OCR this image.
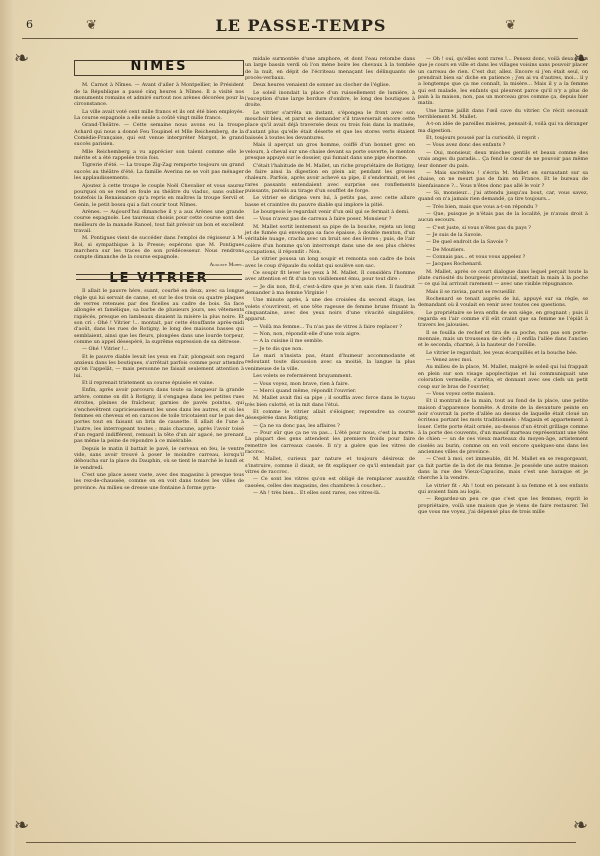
6	❦	LE PASSE-TEMPS	❦
❧	❧
❧	❧
NIMES

M. Carnot à Nîmes. — Avant d'aller à Montpellier, le Président de la République a passé cinq heures à Nîmes. Il a visité nos monuments romains et admiré surtout nos arènes décorées pour la circonstance.

La ville avait voté cent mille francs et ils ont été bien employés. La course espagnole a elle seule a coûté vingt mille francs.

Grand-Théâtre. — Cette semaine nous avons eu la troupe Achard qui nous a donné Feu Toupinel et Mlle Reichemberg, de la Comédie-Française, qui est venue interpréter Margot, le grand succès parisien.

Mlle Reichemberg a vu apprécier son talent comme elle le mérite et a été rappelée trois fois.

Tigrerie d'été. — La troupe Zig-Zag remporte toujours un grand succès au théâtre d'été. La famille Averina ne se voit pas ménager les applaudissements.

Ajoutez à cette troupe le couple Noël Chevalier et vous saurez pourquoi on se rend en foule au théâtre du viaduc, sans oublier toutefois la Renaissance qu'a repris en maîtres la troupe Servil et Genin, le petit bossu qui a fait courir tout Nîmes.

Arènes. — Aujourd'hui dimanche il y a aux Arènes une grande course espagnole. Les taureaux choisis pour cette course sont des meilleurs de la manade Ranoel, tout fait prévoir un bon et excellent travail.

M. Pontigues vient de succéder dans l'emploi de régisseur à M. Rol, si sympathique à la Presse; espérons que M. Pontigues marchera sur les traces de son prédécesseur. Nous rendrons compte dimanche de la course espagnole.

Auguste Morel.

LE VITRIER

Il allait le pauvre hère, suant, courbé en deux, avec sa longue règle qui lui servait de canne, et sur le dos trois ou quatre plaques de verres retenues par des ficelles au cadre de bois. Sa face allongée et famélique, sa barbe de plusieurs jours, ses vêtements rapiécés, presque en lambeaux disaient la misère la plus noire. Et son cri : Ohé ! Vitrier !... montait, par cette étouffante après-midi d'août, dans les rues de Rotigny, le long des maisons basses qui semblaient, ainsi que les fleurs, plongées dans une lourde torpeur, comme un appel désespéré, la suprême expression de sa détresse.

— Ohé ! Vitrier !...

Et le pauvre diable levait les yeux en l'air, plongeait son regard anxieux dans les boutiques, s'arrêtait parfois comme pour attendre qu'on l'appelât, — mais personne ne faisait seulement attention à lui.

Et il reprenait tristement sa course épuisée et vaine.

Enfin, après avoir parcouru dans toute sa longueur la grande artère, comme on dit à Rotigny, il s'engagea dans les petites rues étroites, pleines de fraîcheur, garnies de pavés pointus, qui s'enchevêtrent capricieusement les unes dans les autres, et où les femmes en cheveux et en caracos de toile tricotaient sur le pas des portes tout en faisant un brin de causette. Il allait de l'une à l'autre, les interrogeant toutes ; mais chacune, après l'avoir toisé d'un regard indifférent, remuait la tête d'un air agacé, ne prenant pas même la peine de répondre à ce misérable.

Depuis le matin il battait le pavé, le cerveau en feu, le ventre vide, sans avoir trouvé à poser le moindre carreau, lorsqu'il déboucha sur la place du Dauphin, où se tient le marché le lundi et le vendredi.

C'est une place assez vaste, avec des magasins à presque tous les rez-de-chaussée, comme on en voit dans toutes les villes de province. Au milieu se dresse une fontaine à forme pyra-

midale surmontée d'une amphore, et dont l'eau retombe dans un large bassin verdi où l'on mène boire les chevaux à la tombée de la nuit, en dépit de l'écriteau menaçant les délinquants de procès-verbaux.

Deux heures venaient de sonner au clocher de l'église.

Le soleil inondait la place d'un ruissellement de lumière, à l'exception d'une large bordure d'ombre, le long des boutiques à droite.

Le vitrier s'arrêta un instant, s'épongea le front avec son mouchoir bleu, et parut se demander s'il traverserait encore cette place qu'il avait déjà traversée deux ou trois fois dans la matinée, d'autant plus qu'elle était déserte et que les stores verts étaient baissés à toutes les devantures.

Mais il aperçut un gros homme, coiffé d'un bonnet grec en velours, à cheval sur une chaise devant sa porte ouverte, le menton presque appuyé sur le dossier, qui fumait dans une pipe énorme.

C'était l'habitude de M. Mallet, un riche propriétaire de Rotigny, de faire ainsi la digestion en plein air, pendant les grosses chaleurs. Parfois, après avoir achevé sa pipe, il s'endormait, et les rares passants entendaient avec surprise ses ronflements puissants, pareils au tirage d'un soufflet de forge.

Le vitrier se dirigea vers lui, à petits pas, avec cette allure basse et craintive du pauvre diable qui implore la pitié.

Le bourgeois le regardait venir d'un œil qui se fermait à demi.

— Vous n'avez pas de carreau à faire poser, Monsieur ?

M. Mallet sortit lentement sa pipe de la bouche, rejeta un long jet de fumée qui enveloppa sa face épaisse, à double menton, d'un véritable nuage, cracha avec un bruit sec des lèvres ; puis, de l'air colère d'un homme qu'on interrompt dans une de ses plus chères occupations, il répondit : Non.

Le vitrier poussa un long soupir et remonta son cadre de bois avec le coup d'épaule du soldat qui soulève son sac.

Ce soupir fit lever les yeux à M. Mallet. Il considéra l'homme avec attention et fit d'un ton visiblement ému, pour tout dire :

— Je dis non, fit-il, c'est-à-dire que je n'en sais rien. Il faudrait demander à ma femme Virginie !

Une minute après, à une des croisées du second étage, les volets s'ouvrirent, et une tête rageuse de femme brune frisant la cinquantaine, avec des yeux noirs d'une vivacité singulière, apparut.

— Voilà ma femme... Tu n'as pas de vitres à faire replacer ?

— Non, non, répondit-elle d'une voix aigre.

— A la cuisine il me semble.

— Je te dis que non.

Le mari n'insista pas, étant d'humeur accommodante et redoutant toute discussion avec sa moitié, la langue la plus venimeuse de la ville.

Les volets se refermèrent bruyamment.

— Vous voyez, mon brave, rien à faire.

— Merci quand même, répondit l'ouvrier.

M. Mallet avait fini sa pipe ; il souffla avec force dans le tuyau très bien culotté, et la mit dans l'étui.

Et comme le vitrier allait s'éloigner, reprendre sa course désespérée dans Rotigny,

— Ça ne va donc pas, les affaires ?

— Pour sûr que ça ne va pas... L'été pour nous, c'est la morte. La plupart des gens attendent les premiers froids pour faire remettre les carreaux cassés. Il n'y a guère que les vitres de raccroc.

M. Mallet, curieux par nature et toujours désireux de s'instruire, comme il disait, se fit expliquer ce qu'il entendait par vitres de raccroc.

— Ce sont les vitres qu'on est obligé de remplacer aussitôt cassées, celles des magasins, des chambres à coucher...

— Ah ! très bien... Et elles sont rares, ces vitres-là.

— Oh ! oui, qu'elles sont rares !... Pensez donc, voilà deux jours que je cours en ville et dans les villages voisins sans pouvoir placer un carreau de rien. C'est dur, allez. Encore si j'en était seul, on prendrait bien sa' diche en patience ; j'en ai vu d'autres, moi... il y a longtemps que ça me connaît, la misère... Mais il y a la femme qui est malade, les enfants qui pleurent parce qu'il n'y a plus de pain à la maison, non, pas un morceau gros comme ça, depuis hier matin.

Une larme jaillit dans l'œil cave du vitrier. Ce récit secouait terriblement M. Mallet.

A-t-on idée de pareilles misères, pensait-il, voilà qui va déranger ma digestion.

Et, toujours poussé par la curiosité, il reprit :

— Vous avez donc des enfants ?

— Oui, monsieur, deux mioches gentils et beaux comme des vrais anges du paradis... Ça fend le cœur de ne pouvoir pas même leur donner du pain.

— Mais sacrebleu ! s'écria M. Mallet en sursautant sur sa chaise, on ne meurt pas de faim en France. Et le bureau de bienfaisance ?... Vous n'êtes donc pas allé le voir ?

— Si, monsieur... j'ai attendu jusqu'au bout, car, vous savez, quand on n'a jamais rien demandé, ça tire toujours...

— Très bien, mais que vous a-t-on répondu ?

— Que, puisque je n'étais pas de la localité, je n'avais droit à aucun secours.

— C'est juste, si vous n'êtes pas du pays ?

— Je suis de la Savoie.

— De quel endroit de la Savoie ?

— De Moutiers.

— Connais pas... et vous vous appelez ?

— Jacques Rochenard.

M. Mallet, après ce court dialogue dans lequel perçait toute la plate curiosité du bourgeois provincial, mettait la main à la poche — ce qui lui arrivait rarement — avec une visible répugnance.

Mais il se ravisa, parut se recueillir.

Rochenard se tenait auprès de lui, appuyé sur sa règle, se demandant où il voulait en venir avec toutes ces questions.

Le propriétaire se leva enfin de son siège, en grognant ; puis il regarda en l'air comme s'il eût craint que sa femme ne l'épiât à travers les jalousies.

Il se fouilla de rechef et tira de sa poche, non pas son porte-monnaie, mais un trousseau de clefs ; il enfila l'allée dans l'ancien et le seconda, charmé, à la hauteur de l'oreille.

Le vitrier le regardait, les yeux écarquillés et la bouche bée.

— Venez avec moi.

Au milieu de la place, M. Mallet, malgré le soleil qui lui frappait en plein sur son visage apoplectique et lui communiquait une coloration vermeille, s'arrêta, et donnant avec ses clefs un petit coup sur le bras de l'ouvrier,

— Vous voyez cette maison.

Et il montrait de la main, tout au fond de la place, une petite maison d'apparence honnête. A droite de la devanture peinte en noir s'ouvrait la porte d'allée au dessus de laquelle était cloué un écriteau portant les mots traditionnels : Magasin et appartement à louer. Cette porte était ornée, au-dessus d'un étroit grillage comme à la porte des couvents, d'un massif marteau représentant une tête de chien — un de ces vieux marteaux du moyen-âge, artistement ciselés au burin, comme on en voit encore quelques-uns dans les anciennes villes de province.

— C'est à moi, cet immeuble, dit M. Mallet en se rengorgeant, ça fait partie de la dot de ma femme. Je possède une autre maison dans la rue des Vieux-Capucins, mais c'est une baraque et je cherche à la vendre.

Le vitrier fit : Ah ! tout en pensant à sa femme et à ses enfants qui avaient faim au logis.

— Regardez-un peu ce que c'est que les femmes, reprit le propriétaire, voilà une maison que je viens de faire restaurer. Tel que vous me voyez, j'ai dépensé plus de trois mille
